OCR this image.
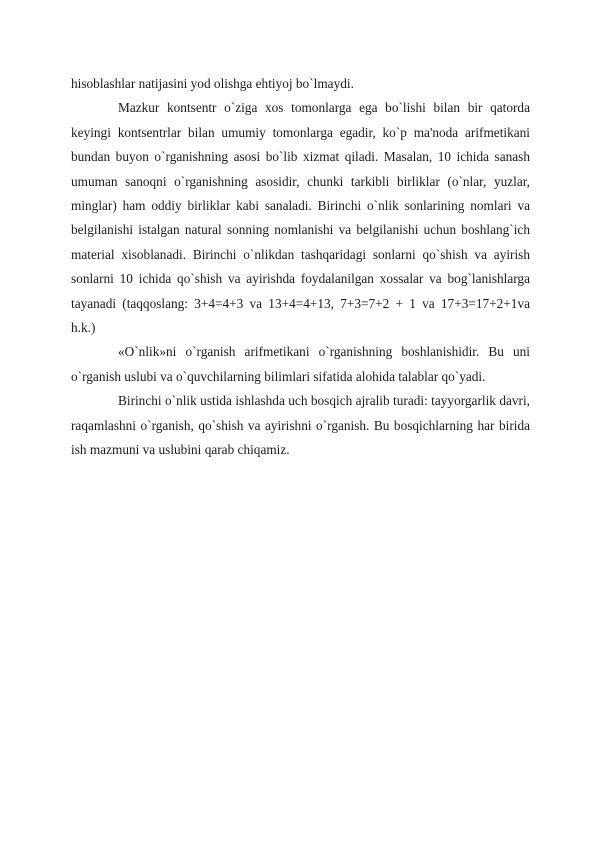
hisoblashlar natijasini yod olishga ehtiyoj bo`lmaydi.

Mazkur kontsentr o`ziga xos tomonlarga ega bo`lishi bilan bir qatorda keyingi kontsentrlar bilan umumiy tomonlarga egadir, ko`p ma'noda arifmetikani bundan buyon o`rganishning asosi bo`lib xizmat qiladi. Masalan, 10 ichida sanash umuman sanoqni o`rganishning asosidir, chunki tarkibli birliklar (o`nlar, yuzlar, minglar) ham oddiy birliklar kabi sanaladi. Birinchi o`nlik sonlarining nomlari va belgilanishi istalgan natural sonning nomlanishi va belgilanishi uchun boshlang`ich material xisoblanadi. Birinchi o`nlikdan tashqaridagi sonlarni qo`shish va ayirish sonlarni 10 ichida qo`shish va ayirishda foydalanilgan xossalar va bog`lanishlarga tayanadi (taqqoslang: 3+4=4+3 va 13+4=4+13, 7+3=7+2 + 1 va 17+3=17+2+1va h.k.)

«O`nlik»ni o`rganish arifmetikani o`rganishning boshlanishidir. Bu uni o`rganish uslubi va o`quvchilarning bilimlari sifatida alohida talablar qo`yadi.

Birinchi o`nlik ustida ishlashda uch bosqich ajralib turadi: tayyorgarlik davri, raqamlashni o`rganish, qo`shish va ayirishni o`rganish. Bu bosqichlarning har birida ish mazmuni va uslubini qarab chiqamiz.
